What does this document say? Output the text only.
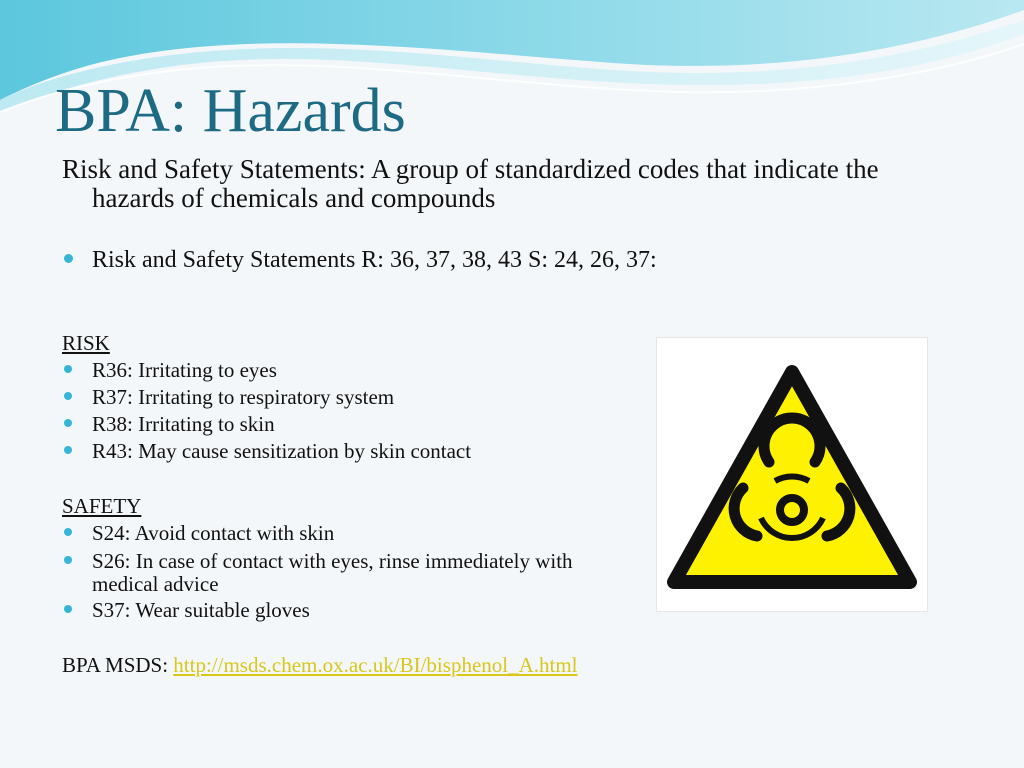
BPA: Hazards
Risk and Safety Statements: A group of standardized codes that indicate the hazards of chemicals and compounds
Risk and Safety Statements R: 36, 37, 38, 43 S: 24, 26, 37:
RISK
R36: Irritating to eyes
R37: Irritating to respiratory system
R38: Irritating to skin
R43: May cause sensitization by skin contact
SAFETY
S24: Avoid contact with skin
S26: In case of contact with eyes, rinse immediately with
medical advice
S37: Wear suitable gloves
BPA MSDS: http://msds.chem.ox.ac.uk/BI/bisphenol_A.html
